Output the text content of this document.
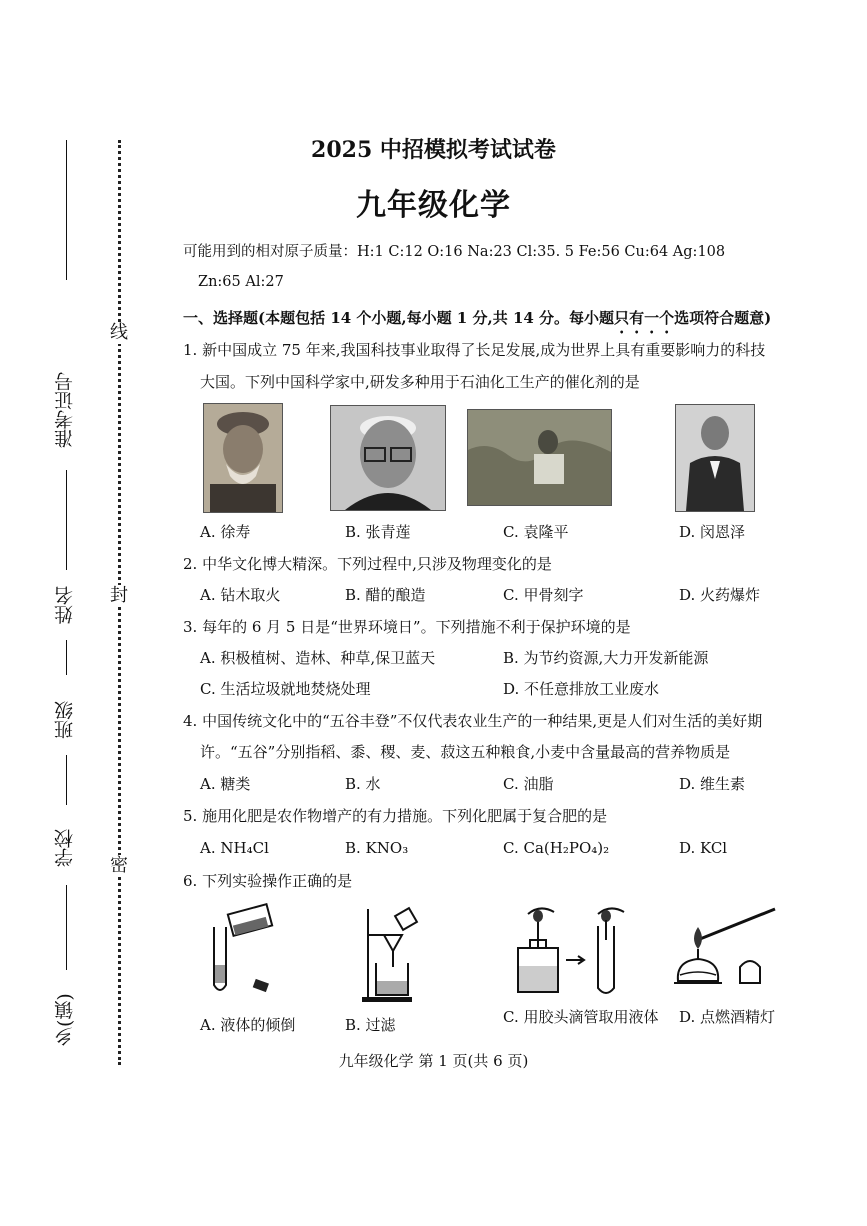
准考证号
姓名
班级
学校
乡(镇)
线
封
密
2025 中招模拟考试试卷
九年级化学
可能用到的相对原子质量：H:1 C:12 O:16 Na:23 Cl:35. 5 Fe:56 Cu:64 Ag:108
Zn:65 Al:27
一、选择题(本题包括 14 个小题,每小题 1 分,共 14 分。每小题只有一个选项符合题意)
1. 新中国成立 75 年来,我国科技事业取得了长足发展,成为世界上具有重要影响力的科技
大国。下列中国科学家中,研发多种用于石油化工生产的催化剂的是
A. 徐寿	B. 张青莲	C. 袁隆平	D. 闵恩泽
2. 中华文化博大精深。下列过程中,只涉及物理变化的是
A. 钻木取火	B. 醋的酿造	C. 甲骨刻字	D. 火药爆炸
3. 每年的 6 月 5 日是“世界环境日”。下列措施不利于保护环境的是
A. 积极植树、造林、种草,保卫蓝天	B. 为节约资源,大力开发新能源
C. 生活垃圾就地焚烧处理	D. 不任意排放工业废水
4. 中国传统文化中的“五谷丰登”不仅代表农业生产的一种结果,更是人们对生活的美好期
许。“五谷”分别指稻、黍、稷、麦、菽这五种粮食,小麦中含量最高的营养物质是
A. 糖类	B. 水	C. 油脂	D. 维生素
5. 施用化肥是农作物增产的有力措施。下列化肥属于复合肥的是
A. NH₄Cl	B. KNO₃	C. Ca(H₂PO₄)₂	D. KCl
6. 下列实验操作正确的是
A. 液体的倾倒	B. 过滤	C. 用胶头滴管取用液体 D. 点燃酒精灯
九年级化学 第 1 页(共 6 页)
